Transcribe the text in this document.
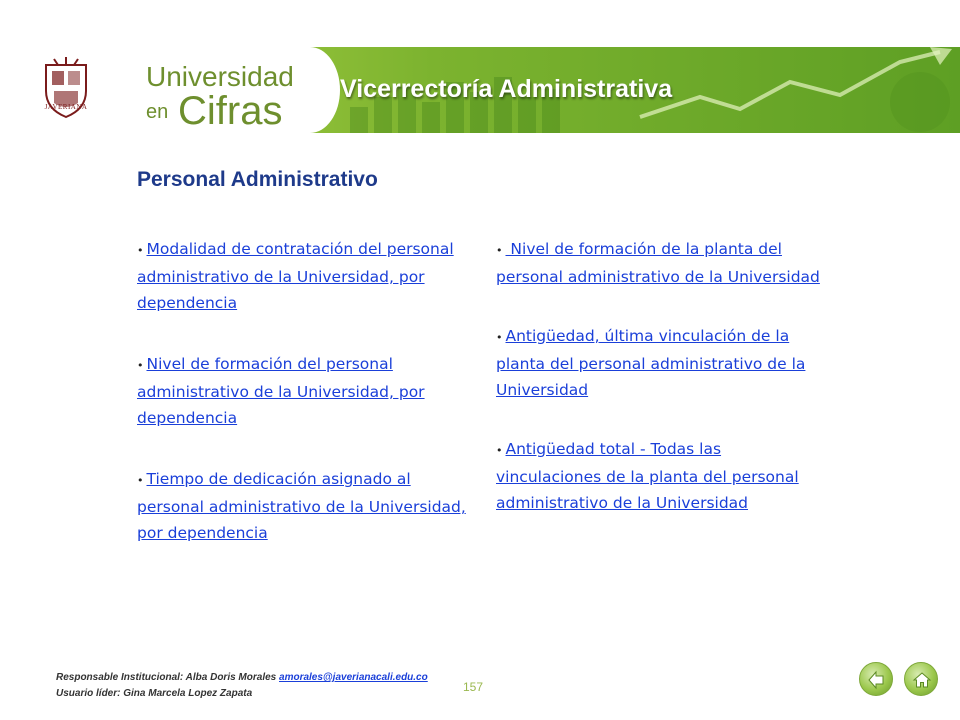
JAVERIANA
Universidad
en Cifras Vicerrectoría Administrativa
Personal Administrativo
• Modalidad de contratación del personal administrativo de la Universidad, por dependencia
• Nivel de formación del personal administrativo de la Universidad, por dependencia
• Tiempo de dedicación asignado al personal administrativo de la Universidad, por dependencia
• Nivel de formación de la planta del personal administrativo de la Universidad
• Antigüedad, última vinculación de la planta del personal administrativo de la Universidad
• Antigüedad total - Todas las vinculaciones de la planta del personal administrativo de la Universidad
Responsable Institucional: Alba Doris Morales amorales@javerianacali.edu.co
Usuario líder: Gina Marcela Lopez Zapata	157
